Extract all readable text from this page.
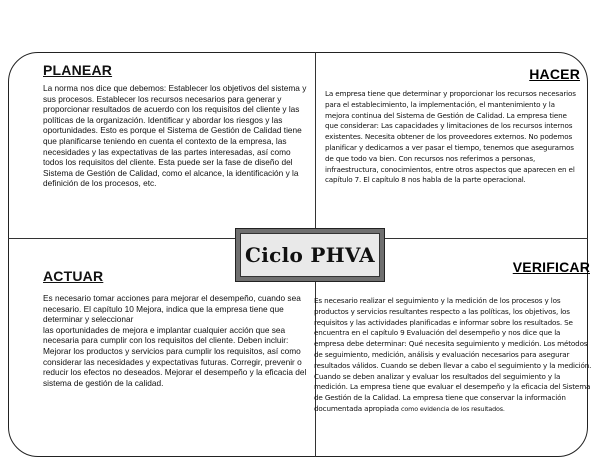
PLANEAR

La norma nos dice que debemos: Establecer los objetivos del sistema y sus procesos. Establecer los recursos necesarios para generar y proporcionar resultados de acuerdo con los requisitos del cliente y las políticas de la organización. Identificar y abordar los riesgos y las oportunidades. Esto es porque el Sistema de Gestión de Calidad tiene que planificarse teniendo en cuenta el contexto de la empresa, las necesidades y las expectativas de las partes interesadas, así como todos los requisitos del cliente. Esta puede ser la fase de diseño del Sistema de Gestión de Calidad, como el alcance, la identificación y la definición de los procesos, etc.

HACER

La empresa tiene que determinar y proporcionar los recursos necesarios para el establecimiento, la implementación, el mantenimiento y la mejora continua del Sistema de Gestión de Calidad. La empresa tiene que considerar: Las capacidades y limitaciones de los recursos internos existentes. Necesita obtener de los proveedores externos. No podemos planificar y dedicarnos a ver pasar el tiempo, tenemos que asegurarnos de que todo va bien. Con recursos nos referimos a personas, infraestructura, conocimientos, entre otros aspectos que aparecen en el capítulo 7. El capítulo 8 nos habla de la parte operacional.

ACTUAR

Es necesario tomar acciones para mejorar el desempeño, cuando sea necesario. El capítulo 10 Mejora, indica que la empresa tiene que determinar y seleccionar

las oportunidades de mejora e implantar cualquier acción que sea necesaria para cumplir con los requisitos del cliente. Deben incluir: Mejorar los productos y servicios para cumplir los requisitos, así como considerar las necesidades y expectativas futuras. Corregir, prevenir o reducir los efectos no deseados. Mejorar el desempeño y la eficacia del sistema de gestión de la calidad.

VERIFICAR

Es necesario realizar el seguimiento y la medición de los procesos y los productos y servicios resultantes respecto a las políticas, los objetivos, los requisitos y las actividades planificadas e informar sobre los resultados. Se encuentra en el capítulo 9 Evaluación del desempeño y nos dice que la empresa debe determinar: Qué necesita seguimiento y medición. Los métodos de seguimiento, medición, análisis y evaluación necesarios para asegurar resultados válidos. Cuando se deben llevar a cabo el seguimiento y la medición. Cuando se deben analizar y evaluar los resultados del seguimiento y la medición. La empresa tiene que evaluar el desempeño y la eficacia del Sistema de Gestión de la Calidad. La empresa tiene que conservar la información documentada apropiada como evidencia de los resultados.

Ciclo PHVA
